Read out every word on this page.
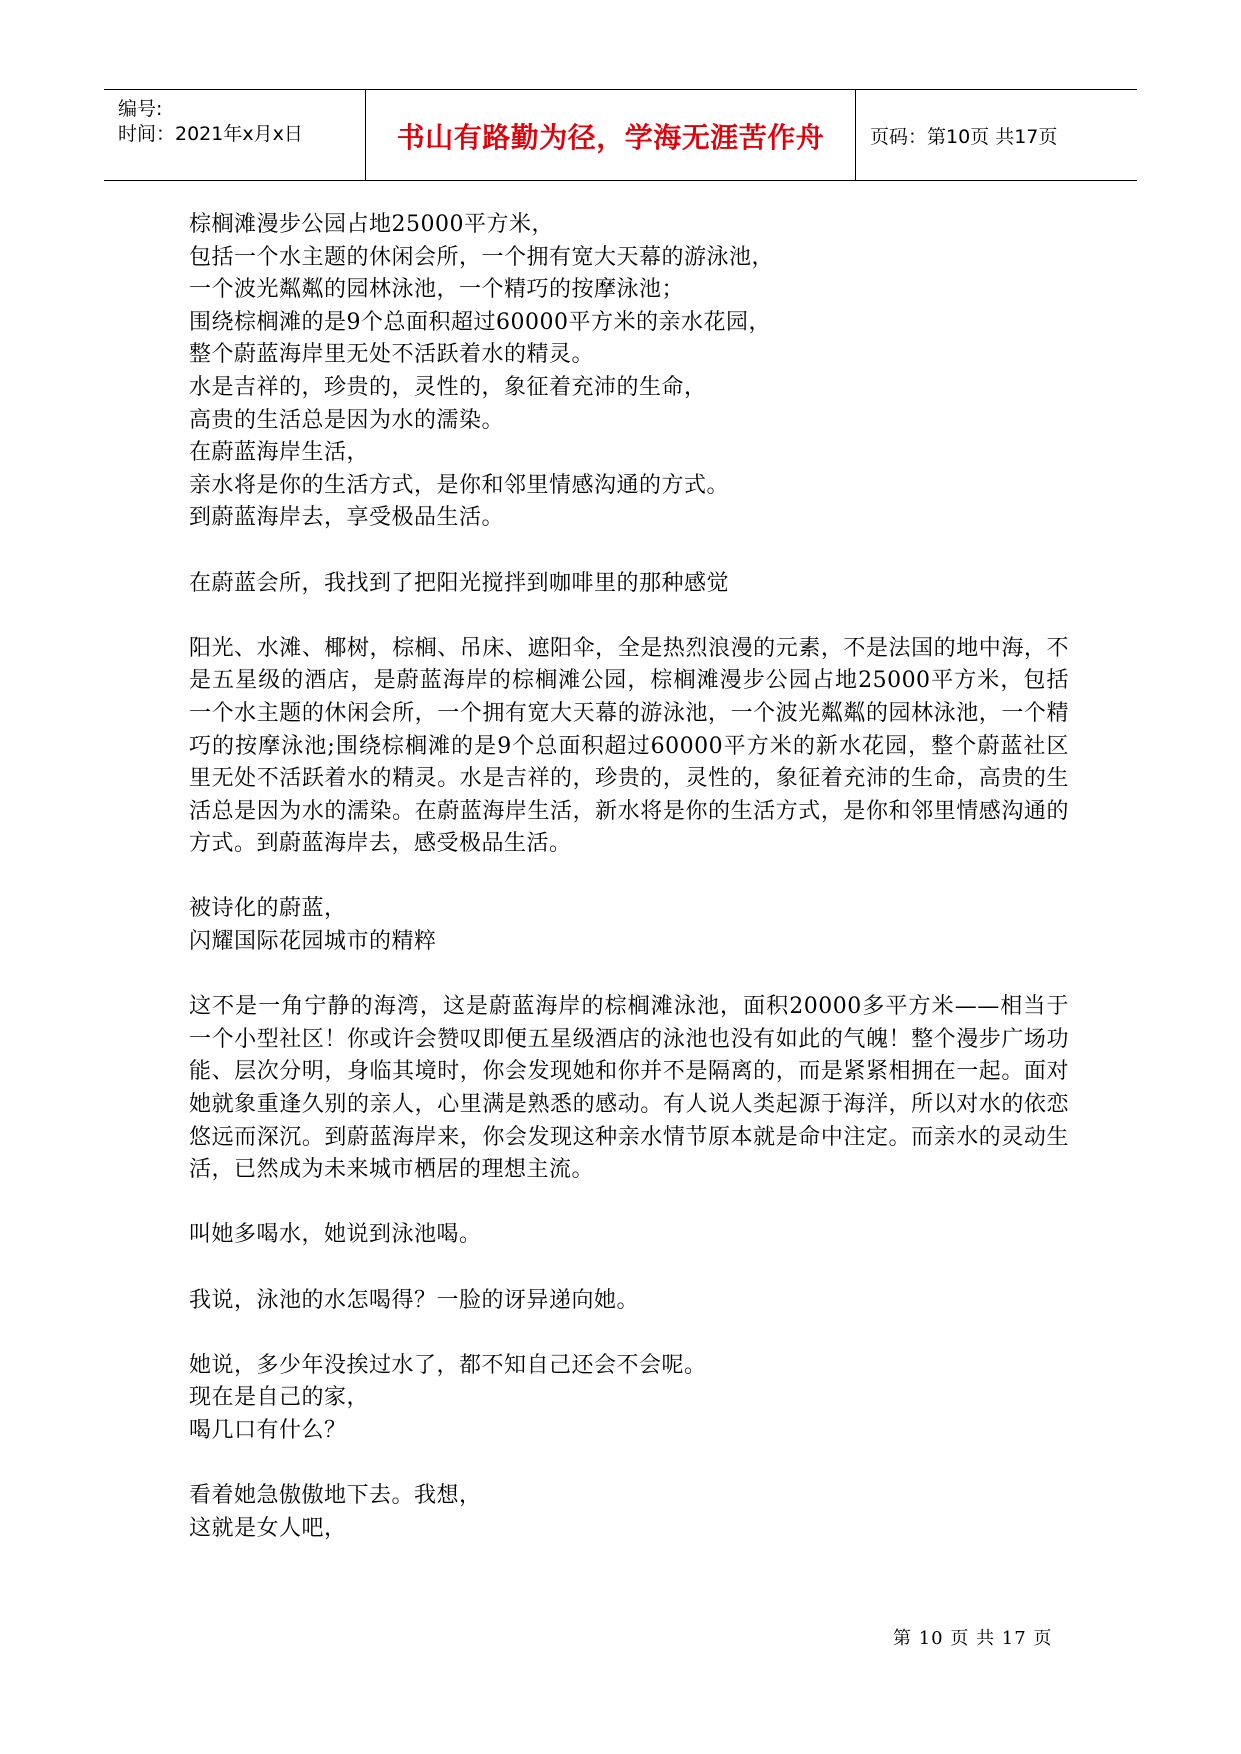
编号:
时间：2021年x月x日	书山有路勤为径，学海无涯苦作舟 页码：第10页 共17页
棕榈滩漫步公园占地25000平方米，
包括一个水主题的休闲会所，一个拥有宽大天幕的游泳池，
一个波光粼粼的园林泳池，一个精巧的按摩泳池；
围绕棕榈滩的是9个总面积超过60000平方米的亲水花园，
整个蔚蓝海岸里无处不活跃着水的精灵。
水是吉祥的，珍贵的，灵性的，象征着充沛的生命，
高贵的生活总是因为水的濡染。
在蔚蓝海岸生活，
亲水将是你的生活方式，是你和邻里情感沟通的方式。
到蔚蓝海岸去，享受极品生活。
在蔚蓝会所，我找到了把阳光搅拌到咖啡里的那种感觉

阳光、水滩、椰树，棕榈、吊床、遮阳伞，全是热烈浪漫的元素，不是法国的地中海，不是五星级的酒店，是蔚蓝海岸的棕榈滩公园，棕榈滩漫步公园占地25000平方米，包括一个水主题的休闲会所，一个拥有宽大天幕的游泳池，一个波光粼粼的园林泳池，一个精巧的按摩泳池;围绕棕榈滩的是9个总面积超过60000平方米的新水花园，整个蔚蓝社区里无处不活跃着水的精灵。水是吉祥的，珍贵的，灵性的，象征着充沛的生命，高贵的生活总是因为水的濡染。在蔚蓝海岸生活，新水将是你的生活方式，是你和邻里情感沟通的方式。到蔚蓝海岸去，感受极品生活。

被诗化的蔚蓝，
闪耀国际花园城市的精粹

这不是一角宁静的海湾，这是蔚蓝海岸的棕榈滩泳池，面积20000多平方米——相当于一个小型社区！你或许会赞叹即便五星级酒店的泳池也没有如此的气魄！整个漫步广场功能、层次分明，身临其境时，你会发现她和你并不是隔离的，而是紧紧相拥在一起。面对她就象重逢久别的亲人，心里满是熟悉的感动。有人说人类起源于海洋，所以对水的依恋悠远而深沉。到蔚蓝海岸来，你会发现这种亲水情节原本就是命中注定。而亲水的灵动生活，已然成为未来城市栖居的理想主流。

叫她多喝水，她说到泳池喝。
我说，泳池的水怎喝得？一脸的讶异递向她。
她说，多少年没挨过水了，都不知自己还会不会呢。
现在是自己的家，
喝几口有什么？
看着她急傲傲地下去。我想，
这就是女人吧，
第 10 页 共 17 页
